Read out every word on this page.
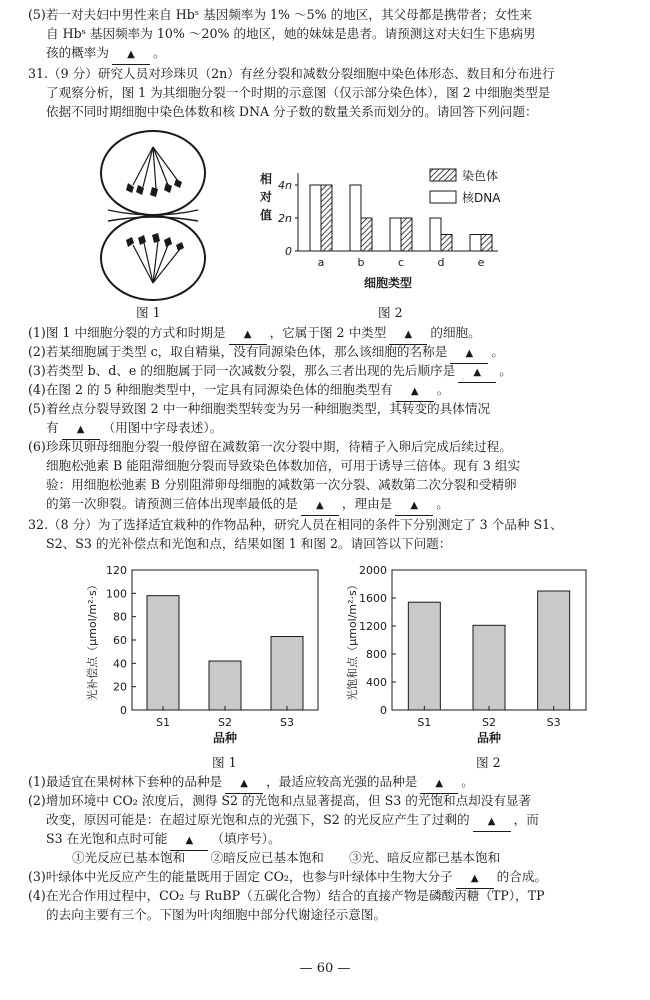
(5)若一对夫妇中男性来自 Hbˢ 基因频率为 1% ～5% 的地区，其父母都是携带者；女性来
自 Hbˢ 基因频率为 10% ～20% 的地区，她的妹妹是患者。请预测这对夫妇生下患病男
孩的概率为 ▲	。
31.（9 分）研究人员对珍珠贝（2n）有丝分裂和减数分裂细胞中染色体形态、数目和分布进行
了观察分析，图 1 为其细胞分裂一个时期的示意图（仅示部分染色体），图 2 中细胞类型是
依据不同时期细胞中染色体数和核 DNA 分子数的数量关系而划分的。请回答下列问题：
图 1
相
对
值
0
2n
4n
a	b	c	d	e
细胞类型
染色体
核DNA
图 2
(1)图 1 中细胞分裂的方式和时期是 ▲	，它属于图 2 中类型 ▲	的细胞。
(2)若某细胞属于类型 c，取自精巢，没有同源染色体，那么该细胞的名称是 ▲	。
(3)若类型 b、d、e 的细胞属于同一次减数分裂，那么三者出现的先后顺序是 ▲	。
(4)在图 2 的 5 种细胞类型中，一定具有同源染色体的细胞类型有 ▲	。
(5)着丝点分裂导致图 2 中一种细胞类型转变为另一种细胞类型，其转变的具体情况
有 ▲	（用图中字母表述）。
(6)珍珠贝卵母细胞分裂一般停留在减数第一次分裂中期，待精子入卵后完成后续过程。
细胞松弛素 B 能阻滞细胞分裂而导致染色体数加倍，可用于诱导三倍体。现有 3 组实
验：用细胞松弛素 B 分别阻滞卵母细胞的减数第一次分裂、减数第二次分裂和受精卵
的第一次卵裂。请预测三倍体出现率最低的是 ▲	，理由是 ▲	。
32.（8 分）为了选择适宜栽种的作物品种，研究人员在相同的条件下分别测定了 3 个品种 S1、
S2、S3 的光补偿点和光饱和点，结果如图 1 和图 2。请回答以下问题：
0
20
40
60
80
100
120
光补偿点（μmol/m²·s）
S1	S2	S3
品种
图 1
0
400
800
1200
1600
2000
光饱和点（μmol/m²·s）
S1	S2	S3
品种
图 2
(1)最适宜在果树林下套种的品种是 ▲	，最适应较高光强的品种是 ▲	。
(2)增加环境中 CO₂ 浓度后，测得 S2 的光饱和点显著提高，但 S3 的光饱和点却没有显著
改变，原因可能是：在超过原光饱和点的光强下，S2 的光反应产生了过剩的 ▲	，而
S3 在光饱和点时可能 ▲	（填序号）。
①光反应已基本饱和　　②暗反应已基本饱和　　③光、暗反应都已基本饱和
(3)叶绿体中光反应产生的能量既用于固定 CO₂，也参与叶绿体中生物大分子 ▲	的合成。
(4)在光合作用过程中，CO₂ 与 RuBP（五碳化合物）结合的直接产物是磷酸丙糖（TP），TP
的去向主要有三个。下图为叶肉细胞中部分代谢途径示意图。
— 60 —
